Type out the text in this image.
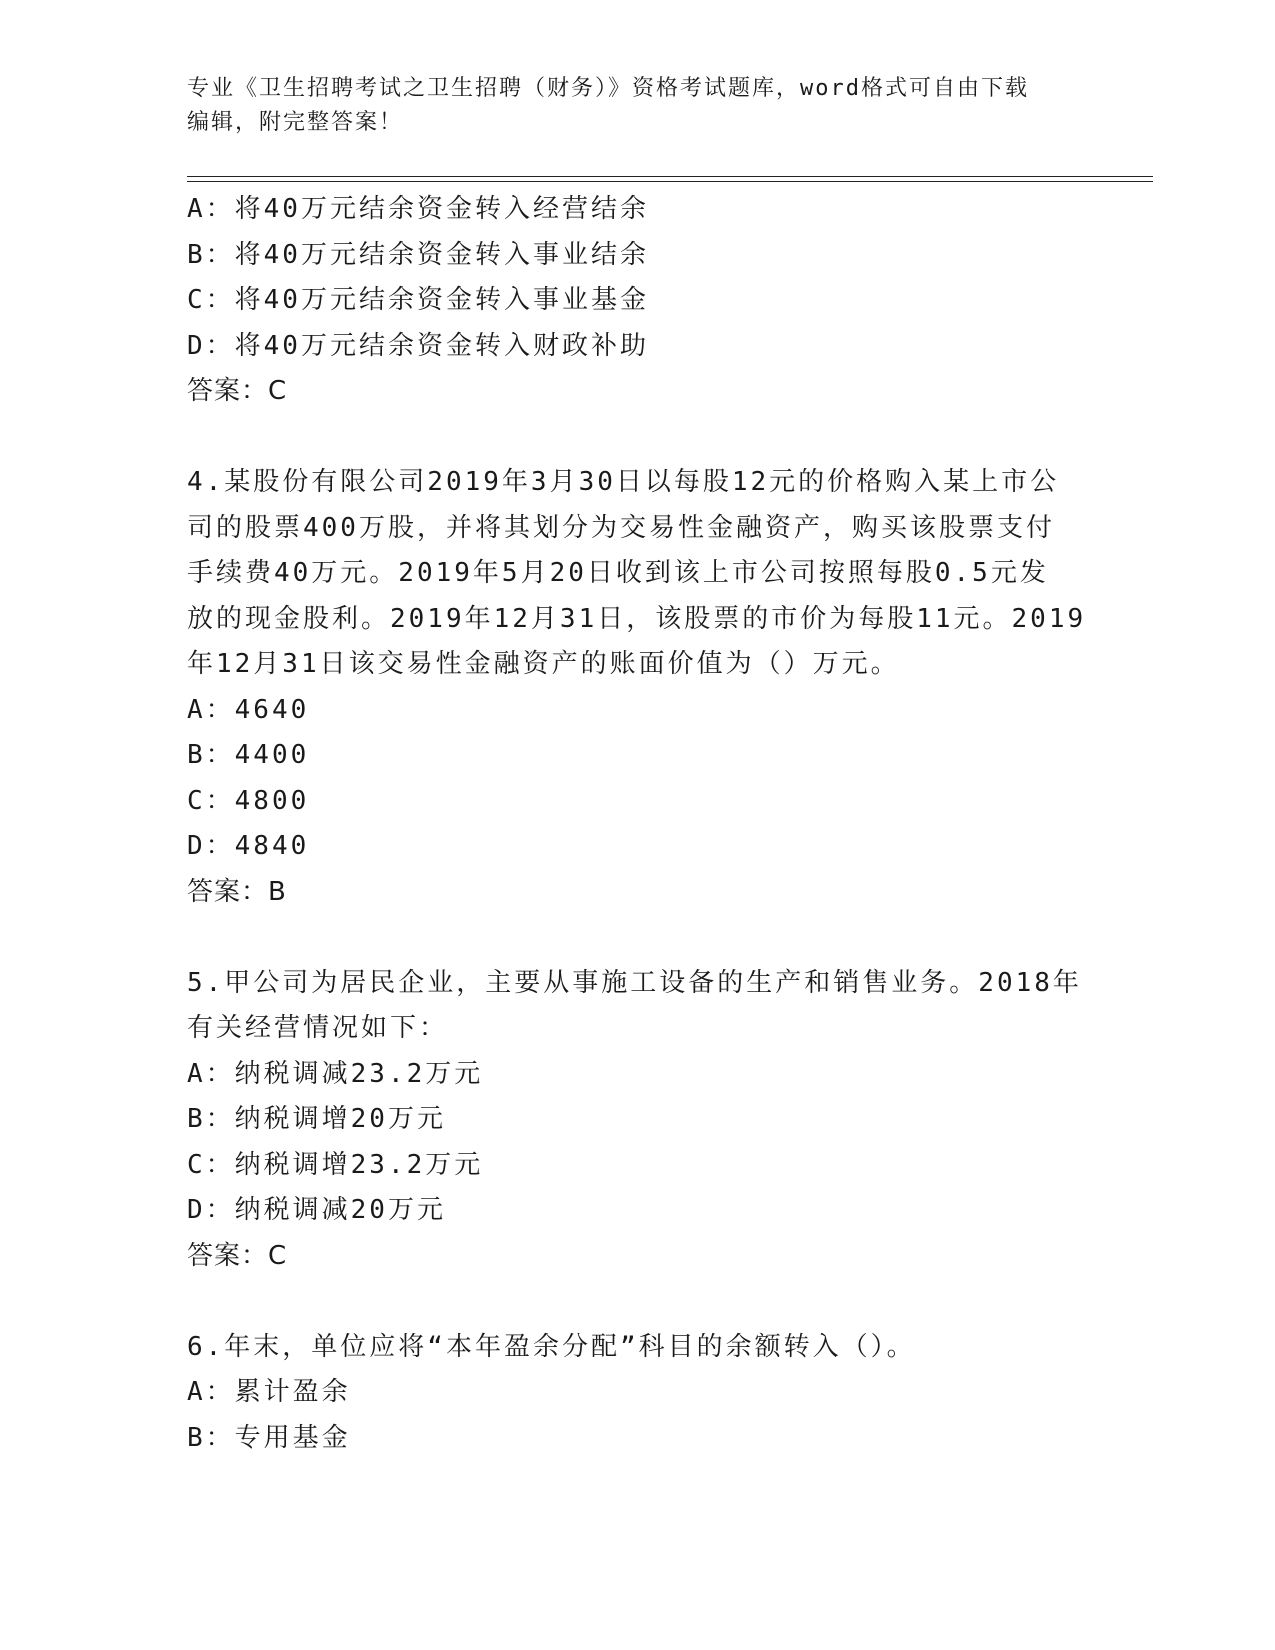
专业《卫生招聘考试之卫生招聘（财务）》资格考试题库，word格式可自由下载
编辑，附完整答案！
A：将40万元结余资金转入经营结余
B：将40万元结余资金转入事业结余
C：将40万元结余资金转入事业基金
D：将40万元结余资金转入财政补助
答案：C
4.某股份有限公司2019年3月30日以每股12元的价格购入某上市公
司的股票400万股，并将其划分为交易性金融资产，购买该股票支付
手续费40万元。2019年5月20日收到该上市公司按照每股0.5元发
放的现金股利。2019年12月31日，该股票的市价为每股11元。2019
年12月31日该交易性金融资产的账面价值为（）万元。
A：4640
B：4400
C：4800
D：4840
答案：B
5.甲公司为居民企业，主要从事施工设备的生产和销售业务。2018年
有关经营情况如下：
A：纳税调减23.2万元
B：纳税调增20万元
C：纳税调增23.2万元
D：纳税调减20万元
答案：C
6.年末，单位应将“本年盈余分配”科目的余额转入（）。
A：累计盈余
B：专用基金
